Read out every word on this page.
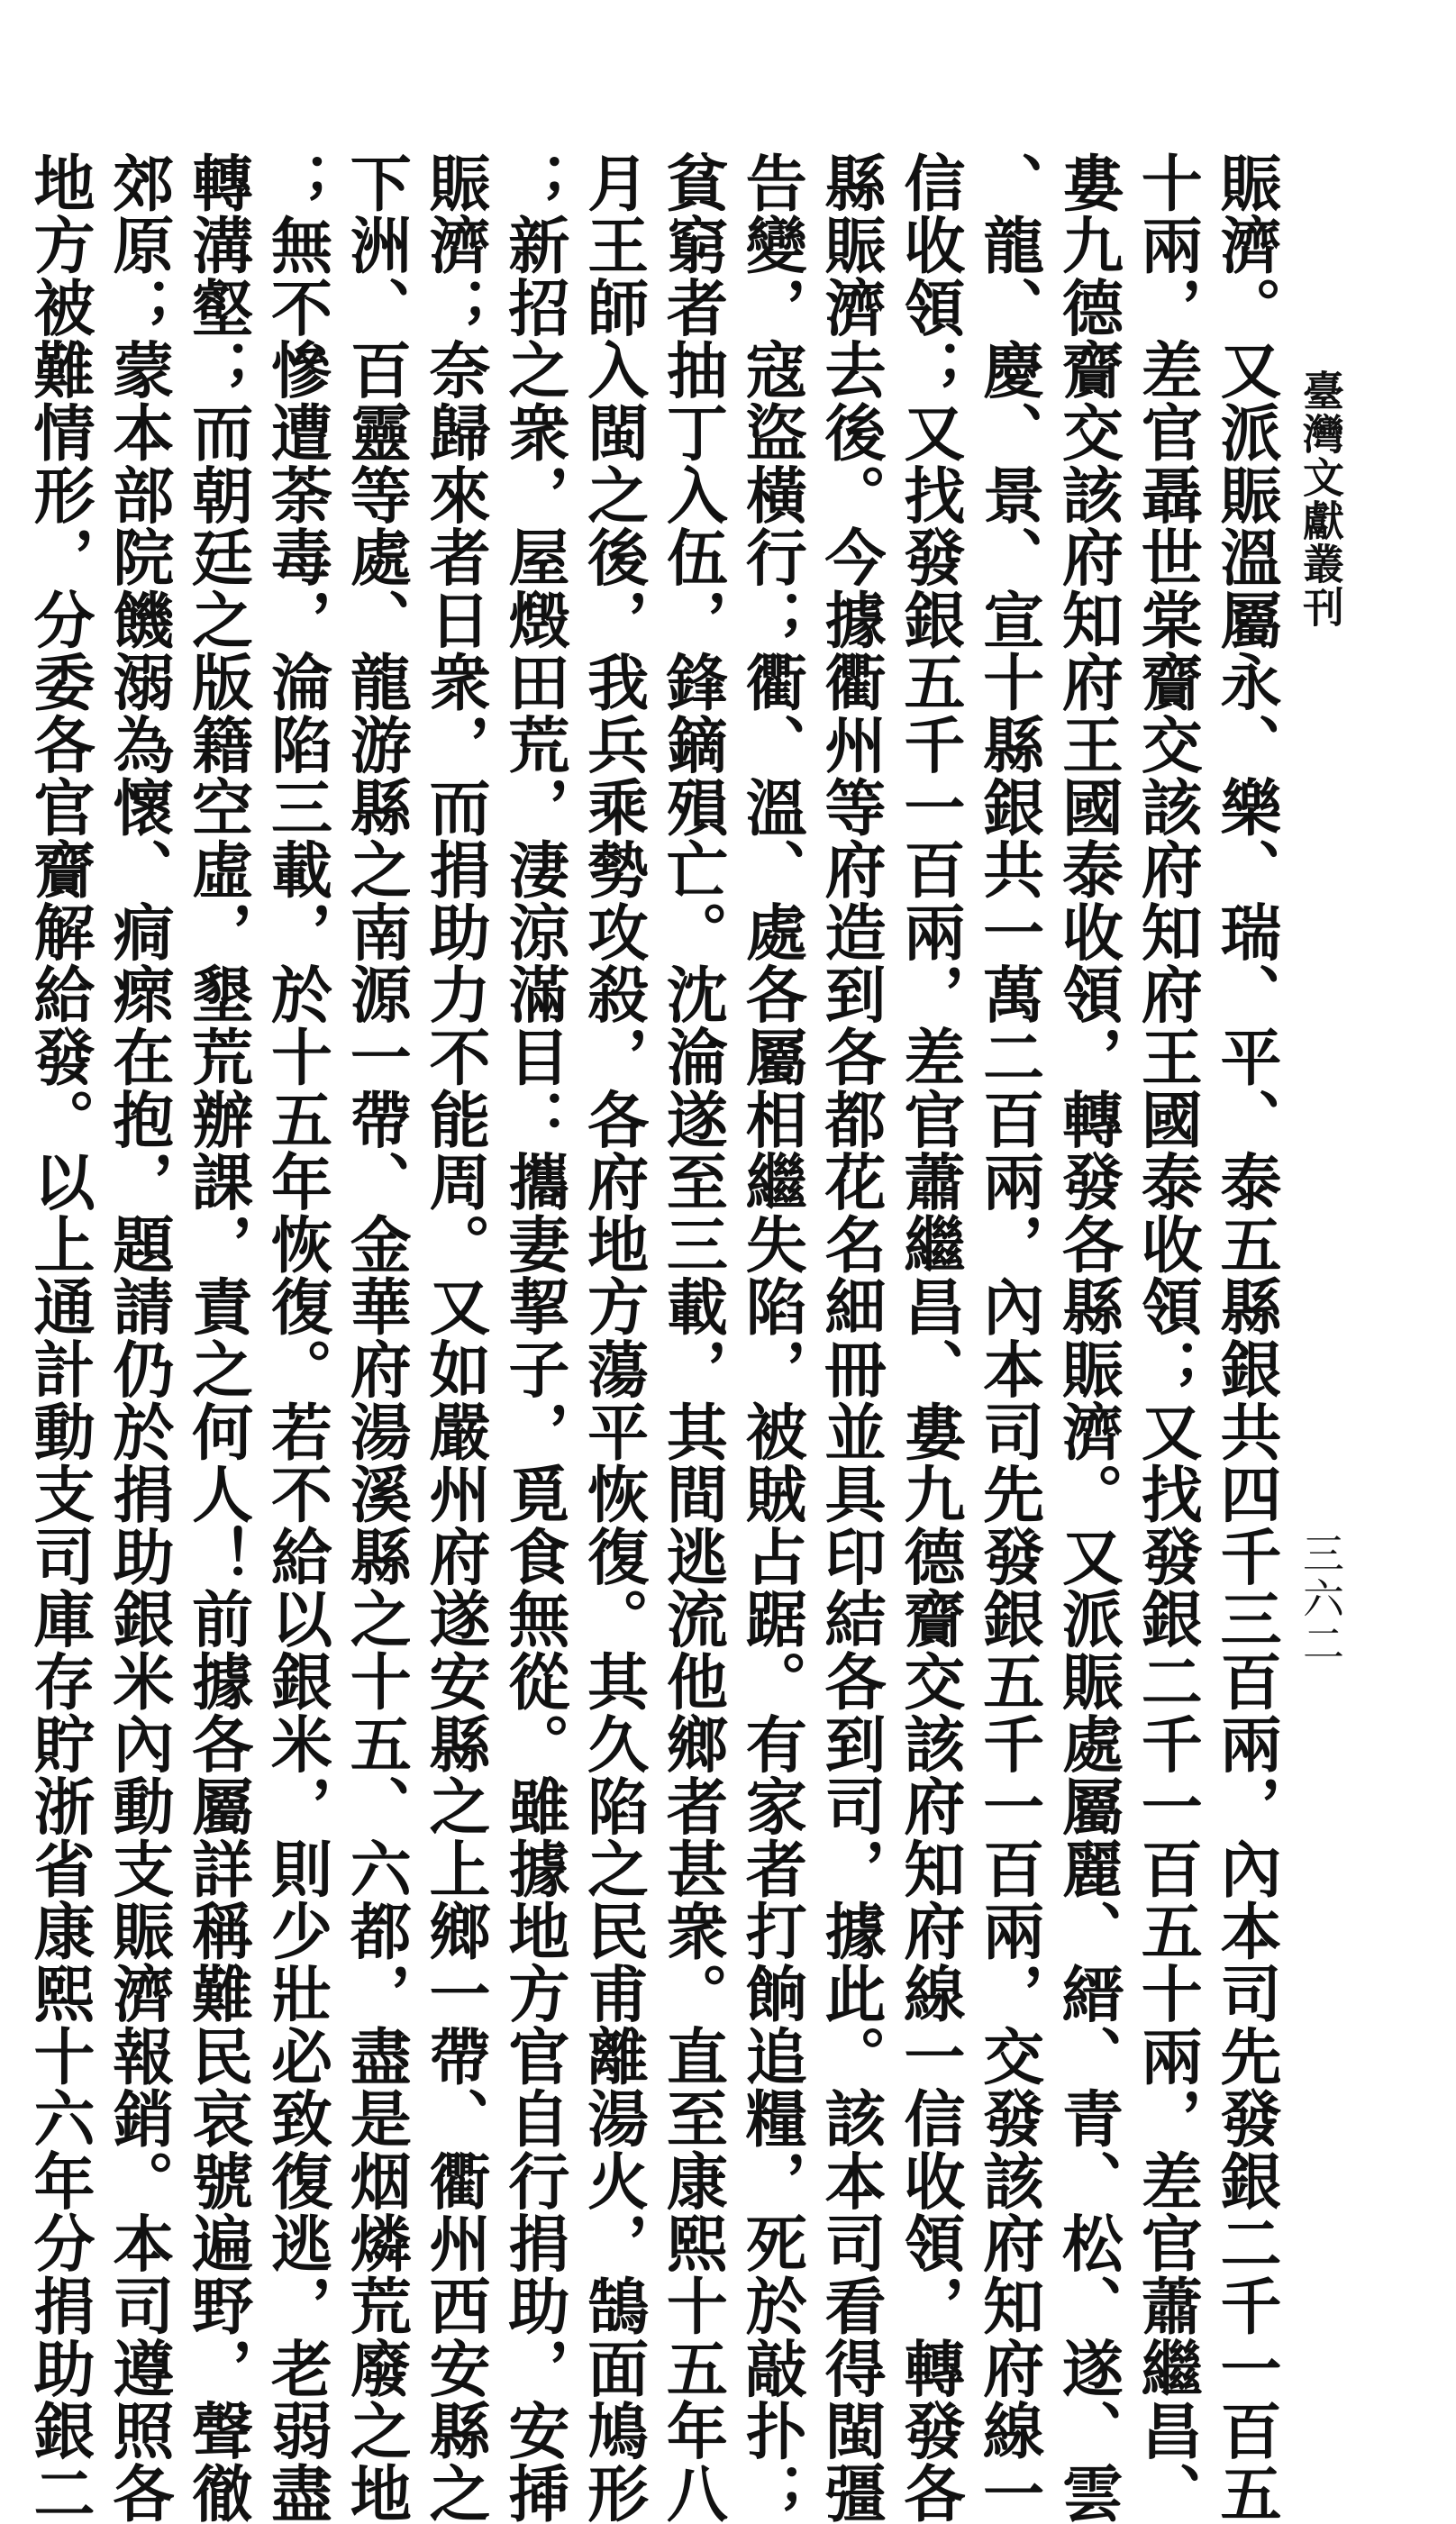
臺灣文獻叢刊
三六二
賑濟。又派賑溫屬永、樂、瑞、平、泰五縣銀共四千三百兩，內本司先發銀二千一百五
十兩，差官聶世棠齎交該府知府王國泰收領；又找發銀二千一百五十兩，差官蕭繼昌、
婁九德齎交該府知府王國泰收領，轉發各縣賑濟。又派賑處屬麗、縉、青、松、遂、雲
、龍、慶、景、宣十縣銀共一萬二百兩，內本司先發銀五千一百兩，交發該府知府線一
信收領；又找發銀五千一百兩，差官蕭繼昌、婁九德齎交該府知府線一信收領，轉發各
縣賑濟去後。今據衢州等府造到各都花名細冊並具印結各到司，據此。該本司看得閩彊
告變，寇盜橫行；衢、溫、處各屬相繼失陷，被賊占踞。有家者打餉追糧，死於敲扑；
貧窮者抽丁入伍，鋒鏑殞亡。沈淪遂至三載，其間逃流他鄉者甚衆。直至康熙十五年八
月王師入閩之後，我兵乘勢攻殺，各府地方蕩平恢復。其久陷之民甫離湯火，鵠面鳩形
；新招之衆，屋燬田荒，淒涼滿目：攜妻挈子，覓食無從。雖據地方官自行捐助，安揷
賑濟；奈歸來者日衆，而捐助力不能周。又如嚴州府遂安縣之上鄉一帶、衢州西安縣之
下洲、百靈等處、龍游縣之南源一帶、金華府湯溪縣之十五、六都，盡是烟燐荒廢之地
；無不慘遭荼毒，淪陷三載，於十五年恢復。若不給以銀米，則少壯必致復逃，老弱盡
轉溝壑；而朝廷之版籍空虛，墾荒辦課，責之何人！前據各屬詳稱難民哀號遍野，聲徹
郊原；蒙本部院饑溺為懷、痌瘝在抱，題請仍於捐助銀米內動支賑濟報銷。本司遵照各
地方被難情形，分委各官齎解給發。以上通計動支司庫存貯浙省康熙十六年分捐助銀二
